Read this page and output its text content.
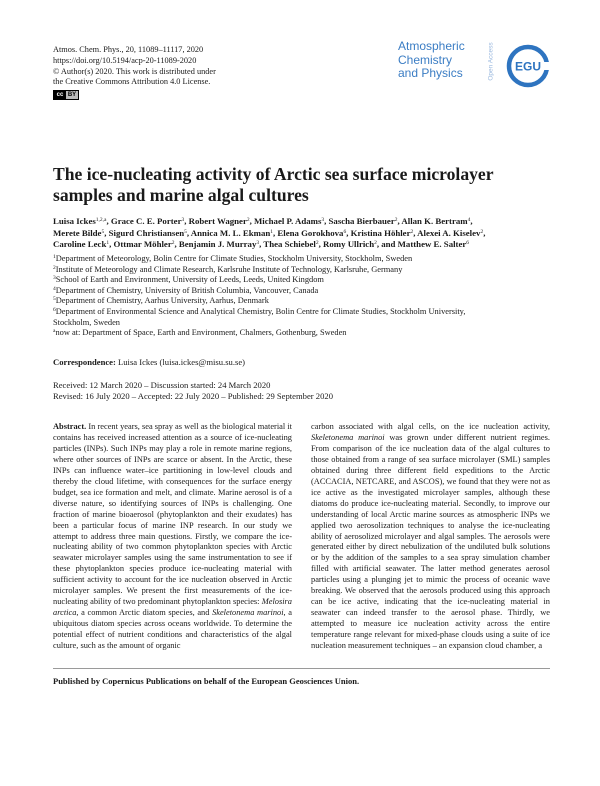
Atmos. Chem. Phys., 20, 11089–11117, 2020
https://doi.org/10.5194/acp-20-11089-2020
© Author(s) 2020. This work is distributed under
the Creative Commons Attribution 4.0 License.
cc BY
Atmospheric
Chemistry
and Physics	Open Access EGU
The ice-nucleating activity of Arctic sea surface microlayer
samples and marine algal cultures
Luisa Ickes$^{1,2,a}$, Grace C. E. Porter$^3$, Robert Wagner$^2$, Michael P. Adams$^3$, Sascha Bierbauer$^2$, Allan K. Bertram$^4$,
Merete Bilde$^5$, Sigurd Christiansen$^5$, Annica M. L. Ekman$^1$, Elena Gorokhova$^6$, Kristina Höhler$^2$, Alexei A. Kiselev$^2$,
Caroline Leck$^1$, Ottmar Möhler$^2$, Benjamin J. Murray$^3$, Thea Schiebel$^2$, Romy Ullrich$^2$, and Matthew E. Salter$^6$
$^1$Department of Meteorology, Bolin Centre for Climate Studies, Stockholm University, Stockholm, Sweden
$^2$Institute of Meteorology and Climate Research, Karlsruhe Institute of Technology, Karlsruhe, Germany
$^3$School of Earth and Environment, University of Leeds, Leeds, United Kingdom
$^4$Department of Chemistry, University of British Columbia, Vancouver, Canada
$^5$Department of Chemistry, Aarhus University, Aarhus, Denmark
$^6$Department of Environmental Science and Analytical Chemistry, Bolin Centre for Climate Studies, Stockholm University,
Stockholm, Sweden
$^a$now at: Department of Space, Earth and Environment, Chalmers, Gothenburg, Sweden
Correspondence: Luisa Ickes (luisa.ickes@misu.su.se)
Received: 12 March 2020 – Discussion started: 24 March 2020
Revised: 16 July 2020 – Accepted: 22 July 2020 – Published: 29 September 2020
Abstract. In recent years, sea spray as well as the biological material it contains has received increased attention as a source of ice-nucleating particles (INPs). Such INPs may play a role in remote marine regions, where other sources of INPs are scarce or absent. In the Arctic, these INPs can influence water–ice partitioning in low-level clouds and thereby the cloud lifetime, with consequences for the surface energy budget, sea ice formation and melt, and climate. Marine aerosol is of a diverse nature, so identifying sources of INPs is challenging. One fraction of marine bioaerosol (phytoplankton and their exudates) has been a particular focus of marine INP research. In our study we attempt to address three main questions. Firstly, we compare the ice-nucleating ability of two common phytoplankton species with Arctic seawater microlayer samples using the same instrumentation to see if these phytoplankton species produce ice-nucleating material with sufficient activity to account for the ice nucleation observed in Arctic microlayer samples. We present the first measurements of the ice-nucleating ability of two predominant phytoplankton species: Melosira arctica, a common Arctic diatom species, and Skeletonema marinoi, a ubiquitous diatom species across oceans worldwide. To determine the potential effect of nutrient conditions and characteristics of the algal culture, such as the amount of organic
carbon associated with algal cells, on the ice nucleation activity, Skeletonema marinoi was grown under different nutrient regimes. From comparison of the ice nucleation data of the algal cultures to those obtained from a range of sea surface microlayer (SML) samples obtained during three different field expeditions to the Arctic (ACCACIA, NETCARE, and ASCOS), we found that they were not as ice active as the investigated microlayer samples, although these diatoms do produce ice-nucleating material. Secondly, to improve our understanding of local Arctic marine sources as atmospheric INPs we applied two aerosolization techniques to analyse the ice-nucleating ability of aerosolized microlayer and algal samples. The aerosols were generated either by direct nebulization of the undiluted bulk solutions or by the addition of the samples to a sea spray simulation chamber filled with artificial seawater. The latter method generates aerosol particles using a plunging jet to mimic the process of oceanic wave breaking. We observed that the aerosols produced using this approach can be ice active, indicating that the ice-nucleating material in seawater can indeed transfer to the aerosol phase. Thirdly, we attempted to measure ice nucleation activity across the entire temperature range relevant for mixed-phase clouds using a suite of ice nucleation measurement techniques – an expansion cloud chamber, a
Published by Copernicus Publications on behalf of the European Geosciences Union.
